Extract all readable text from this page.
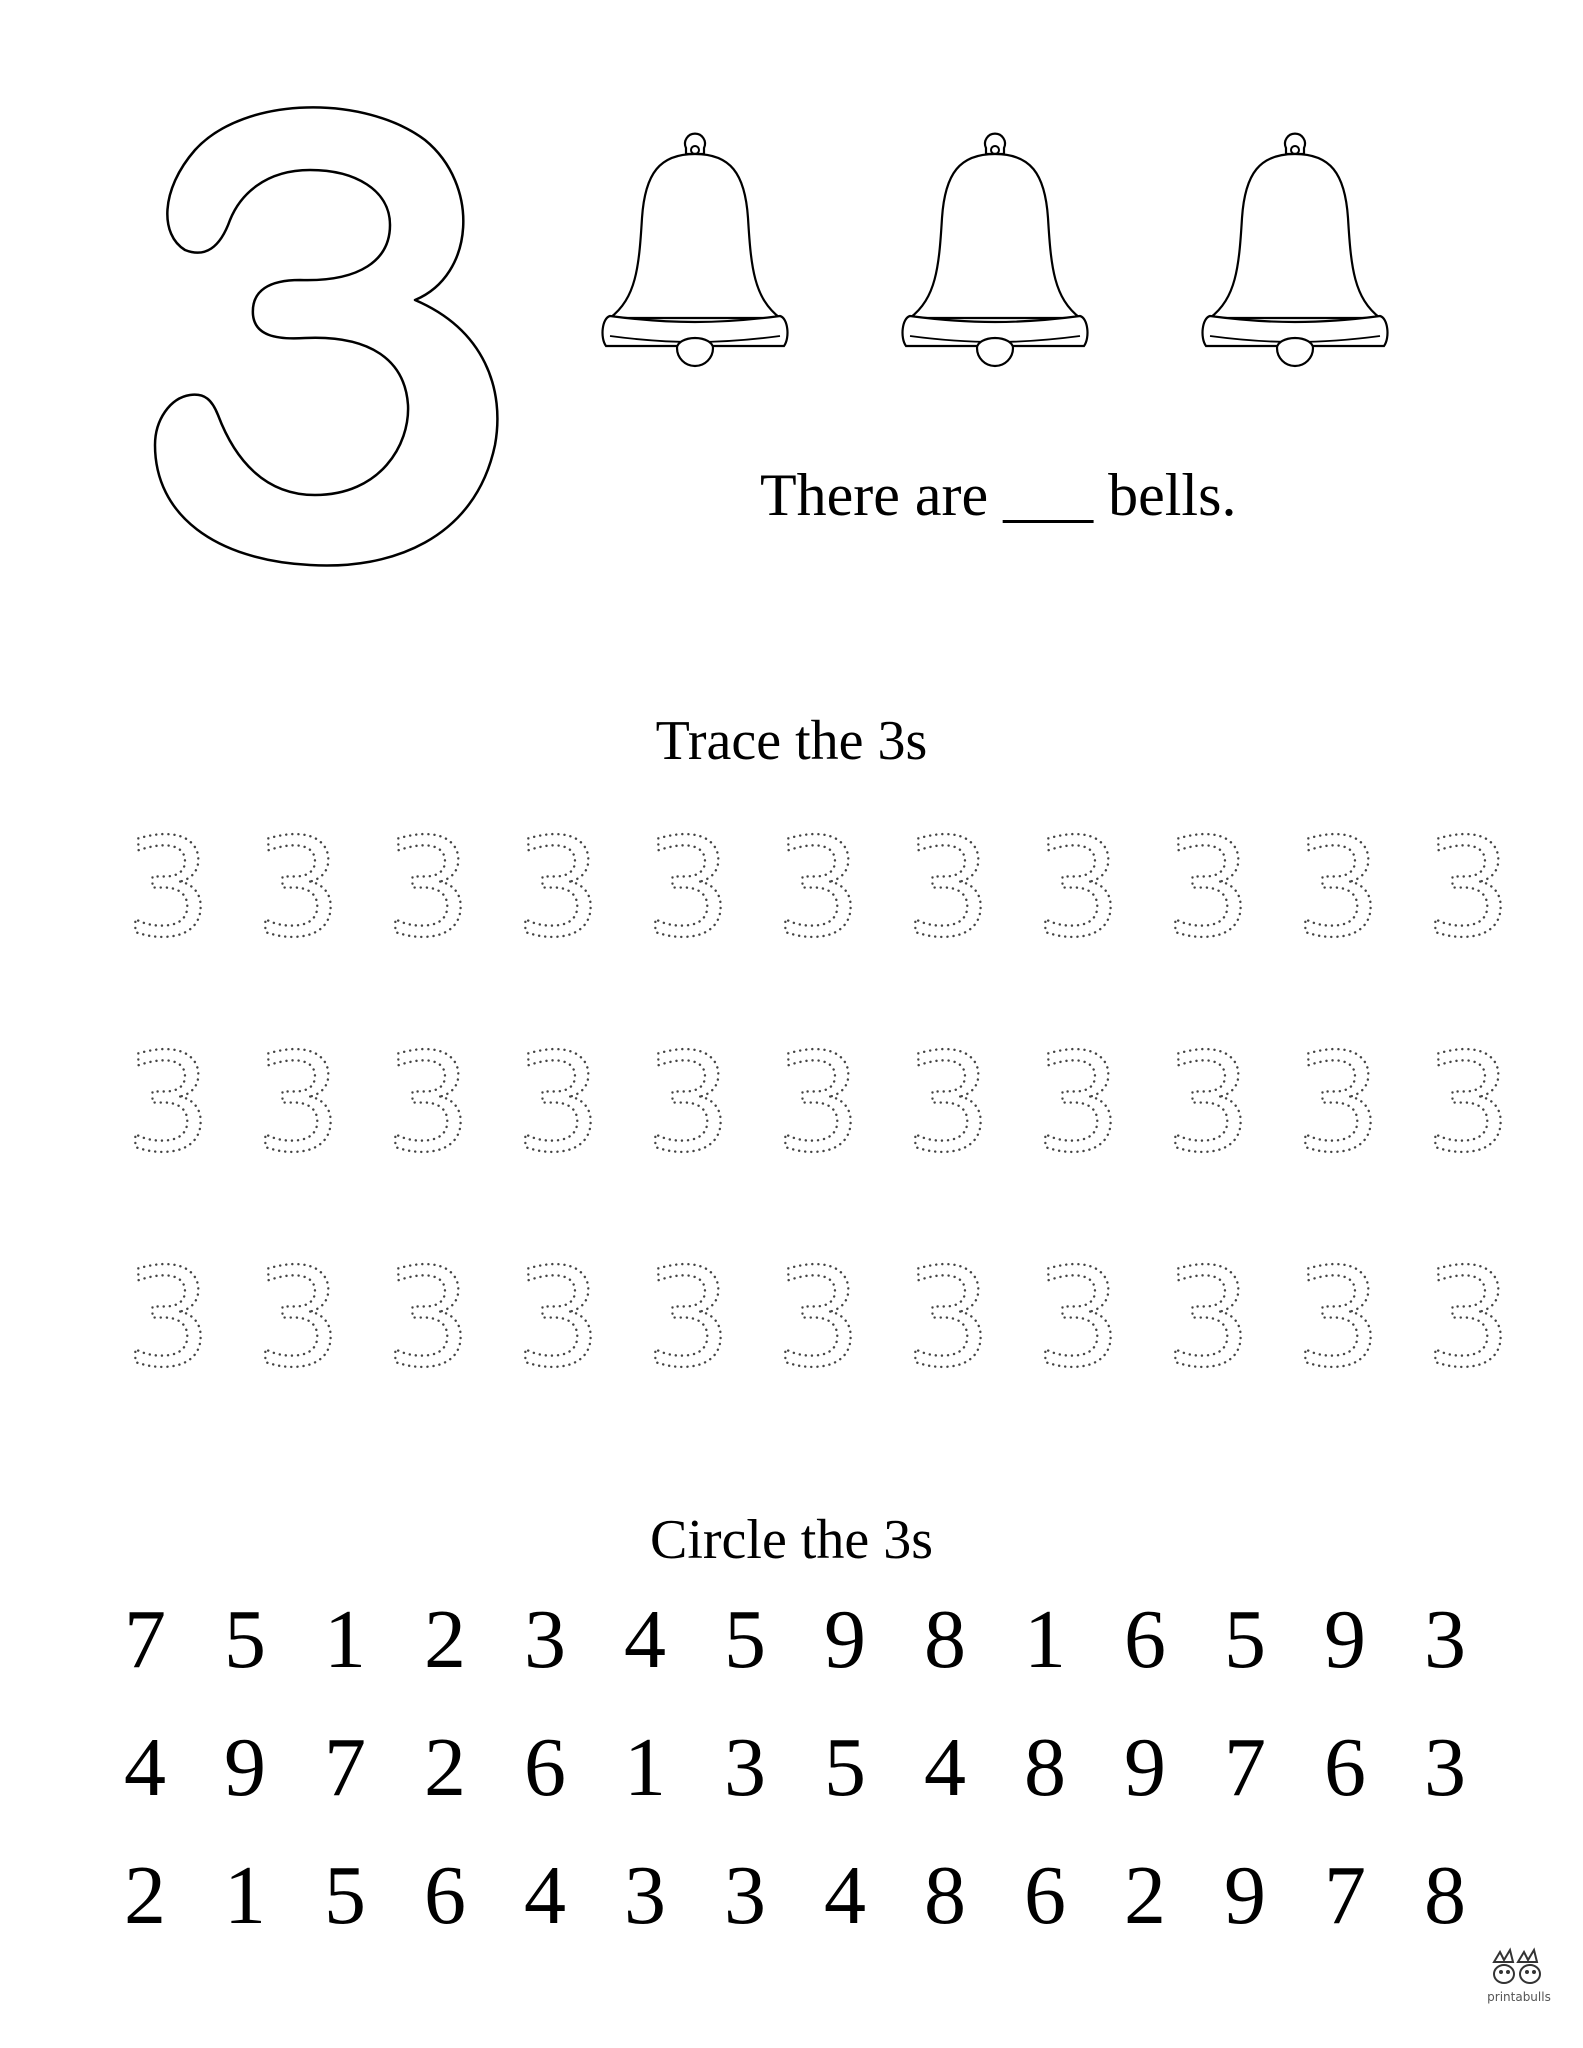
There are ___ bells.
Trace the 3s
3 3 3 3 3 3 3 3 3 3 3
3 3 3 3 3 3 3 3 3 3 3
3 3 3 3 3 3 3 3 3 3 3
Circle the 3s
7 5 1 2 3 4 5 9 8 1 6 5 9 3
4 9 7 2 6 1 3 5 4 8 9 7 6 3
2 1 5 6 4 3 3 4 8 6 2 9 7 8
printabulls
